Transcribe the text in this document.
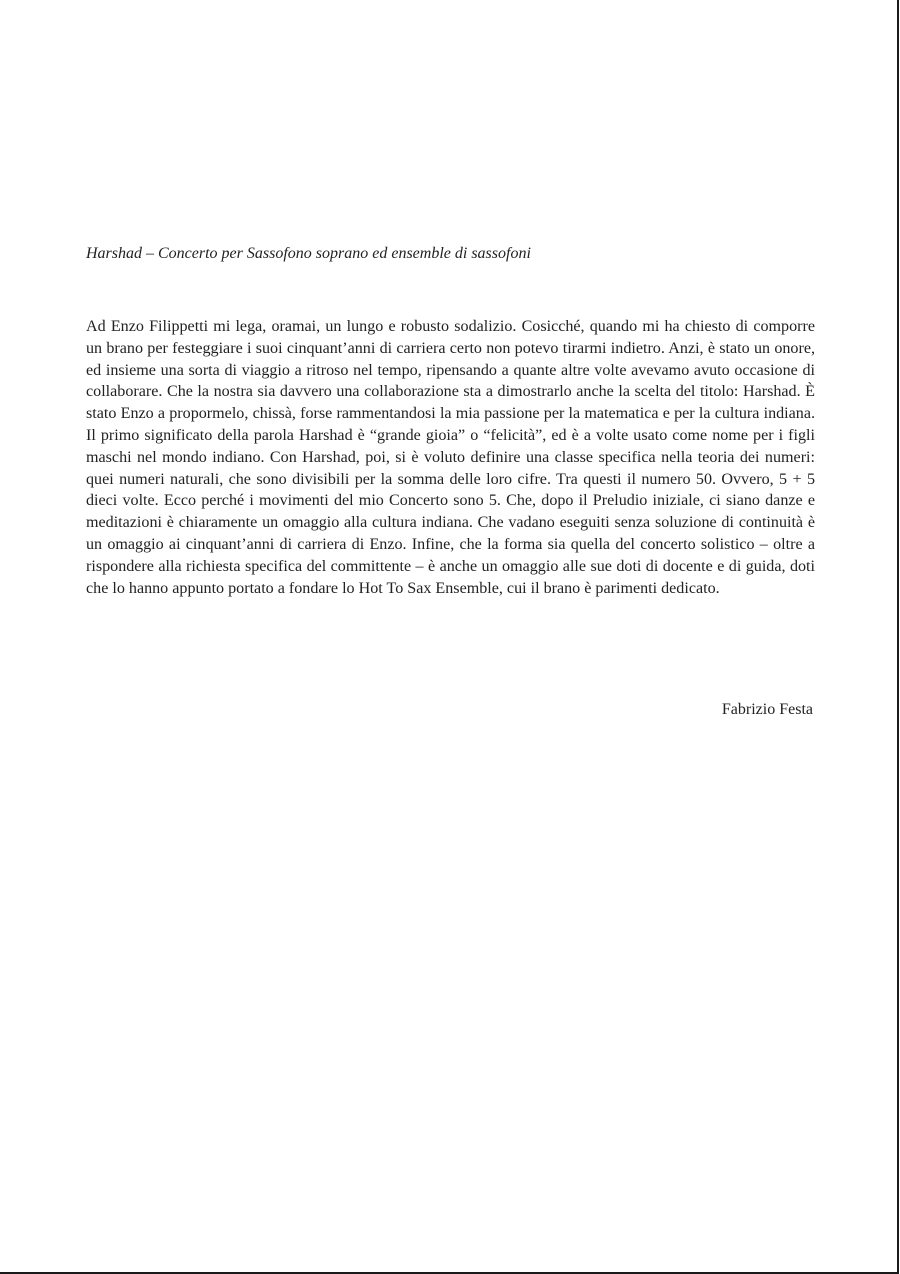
Harshad – Concerto per Sassofono soprano ed ensemble di sassofoni

Ad Enzo Filippetti mi lega, oramai, un lungo e robusto sodalizio. Cosicché, quando mi ha chiesto di comporre un brano per festeggiare i suoi cinquant’anni di carriera certo non potevo tirarmi indietro. Anzi, è stato un onore, ed insieme una sorta di viaggio a ritroso nel tempo, ripensando a quante altre volte avevamo avuto occasione di collaborare. Che la nostra sia davvero una collaborazione sta a dimostrarlo anche la scelta del titolo: Harshad. È stato Enzo a propormelo, chissà, forse rammentandosi la mia passione per la matematica e per la cultura indiana. Il primo significato della parola Harshad è “grande gioia” o “felicità”, ed è a volte usato come nome per i figli maschi nel mondo indiano. Con Harshad, poi, si è voluto definire una classe specifica nella teoria dei numeri: quei numeri naturali, che sono divisibili per la somma delle loro cifre. Tra questi il numero 50. Ovvero, 5 + 5 dieci volte. Ecco perché i movimenti del mio Concerto sono 5. Che, dopo il Preludio iniziale, ci siano danze e meditazioni è chiaramente un omaggio alla cultura indiana. Che vadano eseguiti senza soluzione di continuità è un omaggio ai cinquant’anni di carriera di Enzo. Infine, che la forma sia quella del concerto solistico – oltre a rispondere alla richiesta specifica del committente – è anche un omaggio alle sue doti di docente e di guida, doti che lo hanno appunto portato a fondare lo Hot To Sax Ensemble, cui il brano è parimenti dedicato.

Fabrizio Festa
